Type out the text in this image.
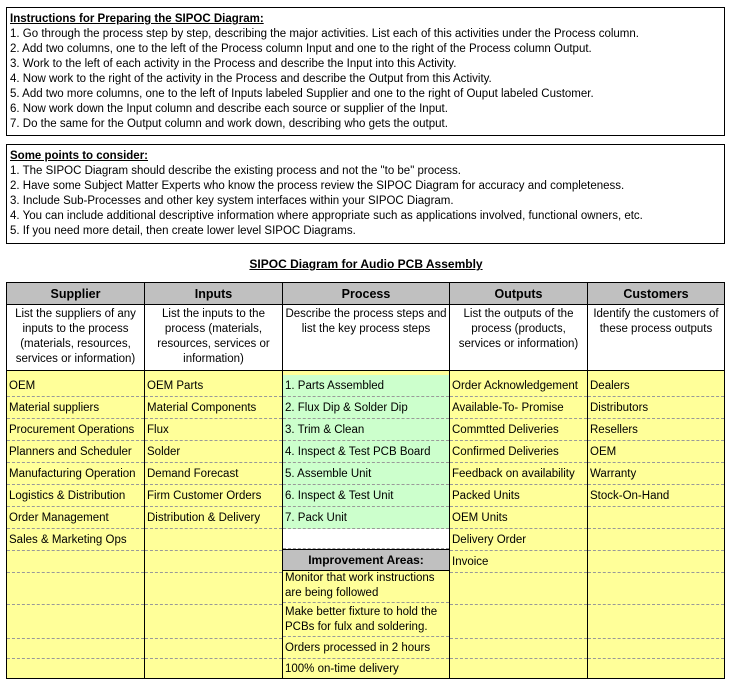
Instructions for Preparing the SIPOC Diagram:
1. Go through the process step by step, describing the major activities. List each of this activities under the Process column.
2. Add two columns, one to the left of the Process column Input and one to the right of the Process column Output.
3. Work to the left of each activity in the Process and describe the Input into this Activity.
4. Now work to the right of the activity in the Process and describe the Output from this Activity.
5. Add two more columns, one to the left of Inputs labeled Supplier and one to the right of Ouput labeled Customer.
6. Now work down the Input column and describe each source or supplier of the Input.
7. Do the same for the Output column and work down, describing who gets the output.
Some points to consider:
1. The SIPOC Diagram should describe the existing process and not the "to be" process.
2. Have some Subject Matter Experts who know the process review the SIPOC Diagram for accuracy and completeness.
3. Include Sub-Processes and other key system interfaces within your SIPOC Diagram.
4. You can include additional descriptive information where appropriate such as applications involved, functional owners, etc.
5. If you need more detail, then create lower level SIPOC Diagrams.
SIPOC Diagram for Audio PCB Assembly
Supplier
List the suppliers of any inputs to the process (materials, resources, services or information)
OEM
Material suppliers
Procurement Operations
Planners and Scheduler
Manufacturing Operation
Logistics & Distribution
Order Management
Sales & Marketing Ops
Inputs
List the inputs to the process (materials, resources, services or information)
OEM Parts
Material Components
Flux
Solder
Demand Forecast
Firm Customer Orders
Distribution & Delivery
Process
Describe the process steps and list the key process steps
1. Parts Assembled
2. Flux Dip & Solder Dip
3. Trim & Clean
4. Inspect & Test PCB Board
5. Assemble Unit
6. Inspect & Test Unit
7. Pack Unit
Improvement Areas:
Monitor that work instructions are being followed
Make better fixture to hold the PCBs for fulx and soldering.
Orders processed in 2 hours
100% on-time delivery
Outputs
List the outputs of the process (products, services or information)
Order Acknowledgement
Available-To- Promise
Commtted Deliveries
Confirmed Deliveries
Feedback on availability
Packed Units
OEM Units
Delivery Order
Invoice
Customers
Identify the customers of these process outputs
Dealers
Distributors
Resellers
OEM
Warranty
Stock-On-Hand
